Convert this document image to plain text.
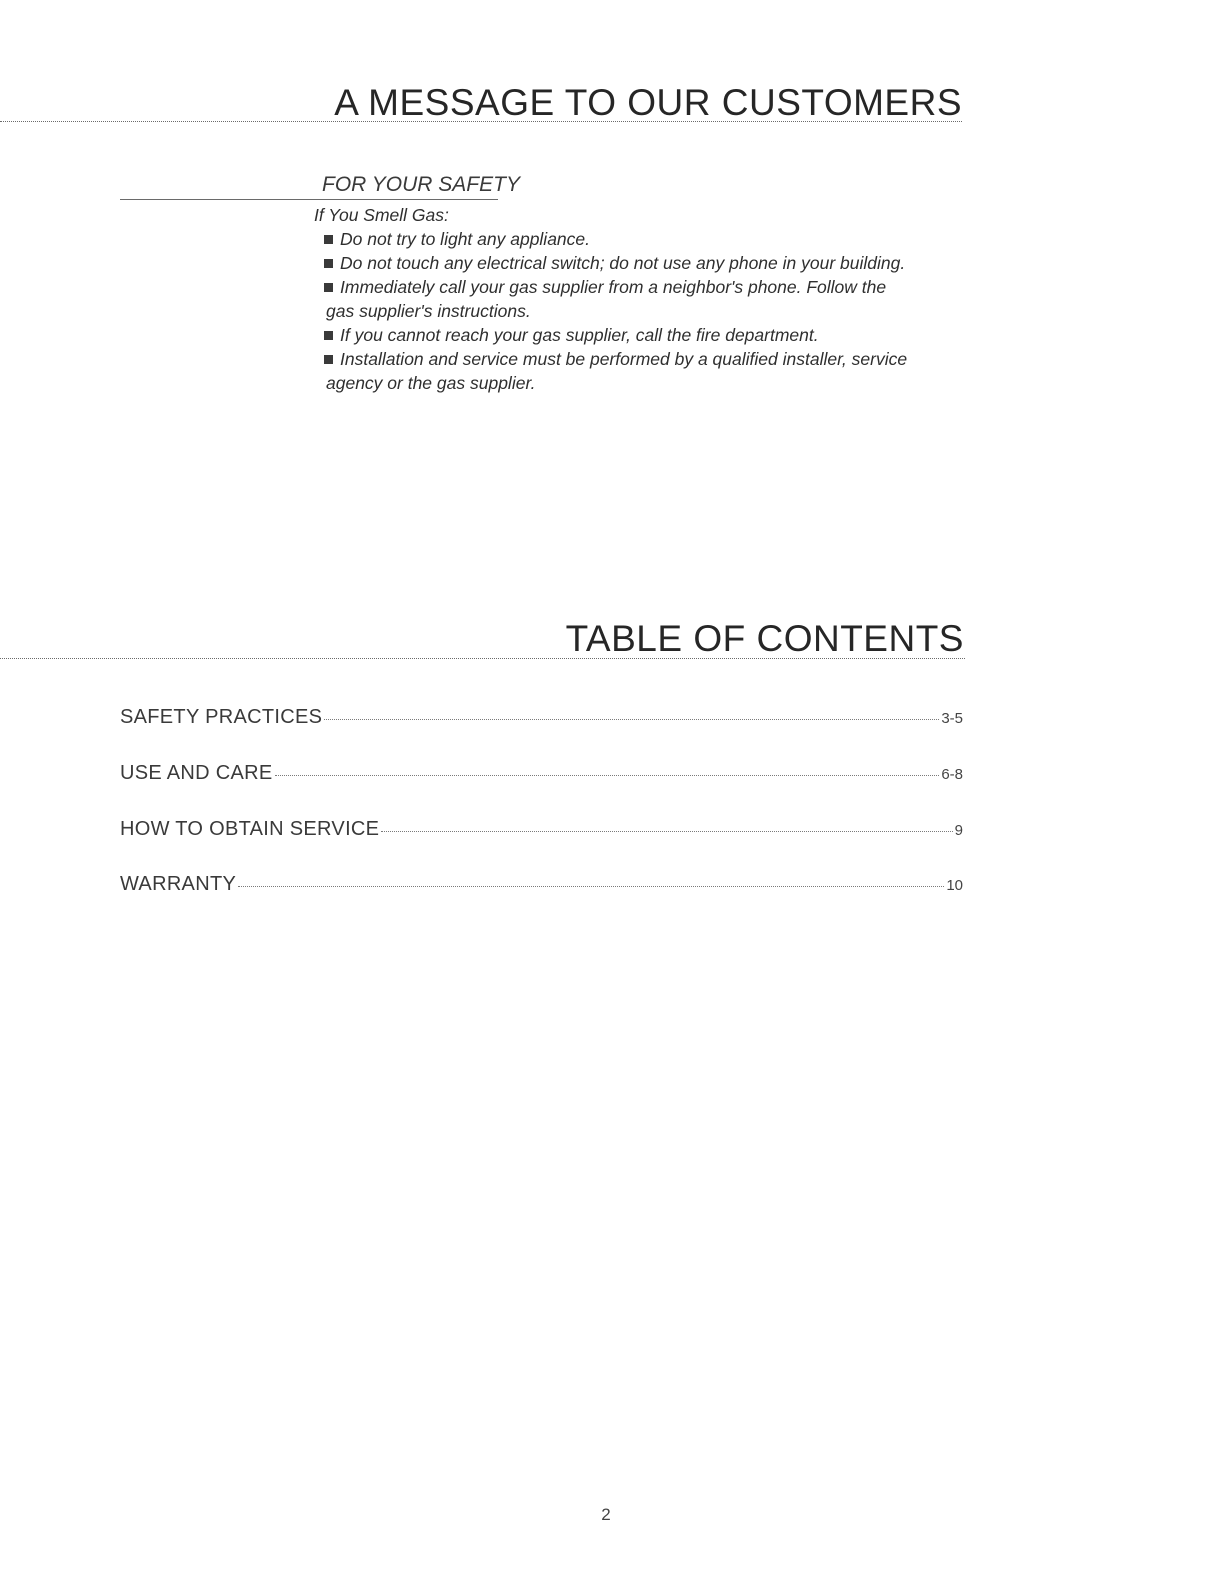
A MESSAGE TO OUR CUSTOMERS
FOR YOUR SAFETY
If You Smell Gas:
Do not try to light any appliance.
Do not touch any electrical switch; do not use any phone in your building.
Immediately call your gas supplier from a neighbor's phone. Follow the
gas supplier's instructions.
If you cannot reach your gas supplier, call the fire department.
Installation and service must be performed by a qualified installer, service
agency or the gas supplier.
TABLE OF CONTENTS
SAFETY PRACTICES	3-5
USE AND CARE	6-8
HOW TO OBTAIN SERVICE	9
WARRANTY	10
2
